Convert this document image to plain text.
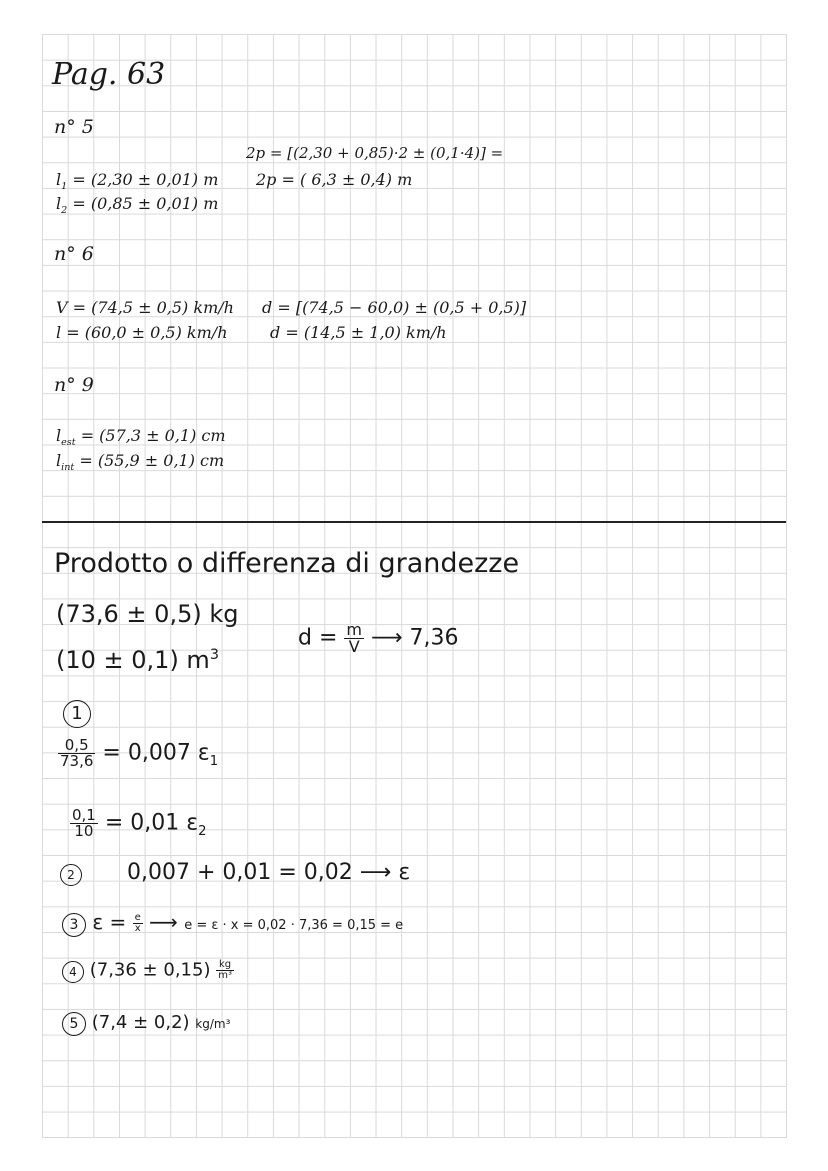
Pag. 63
n° 5
$l_1 = (2,30 \pm 0,01)$ m
$l_2 = (0,85 \pm 0,01)$ m
2p = [(2,30 + 0,85)·2 ± (0,1·4)] =
2p = ( 6,3 ± 0,4) m
n° 6
V = (74,5 ± 0,5) km/h
l = (60,0 ± 0,5) km/h
d = [(74,5 − 60,0) ± (0,5 + 0,5)]
d = (14,5 ± 1,0) km/h
n° 9
$l_{est} = (57,3 \pm 0,1)$ cm
$l_{int} = (55,9 \pm 0,1)$ cm
Prodotto o differenza di grandezze
(73,6 ± 0,5) kg
(10 ± 0,1) $m^3$
$d = \frac{m}{V}$ ⟶ 7,36
1
$\frac{0,5}{73,6} = 0,007$ $\varepsilon_1$
$\frac{0,1}{10} = 0,01$ $\varepsilon_2$
2 0,007 + 0,01 = 0,02 ⟶ ε
3 $\varepsilon = \frac{e}{x}$ ⟶ e = ε · x = 0,02 · 7,36 = 0,15 = e
4 $(7,36 \pm 0,15) \frac{kg}{\text{m³}}$
5 (7,4 ± 0,2) kg/m³
